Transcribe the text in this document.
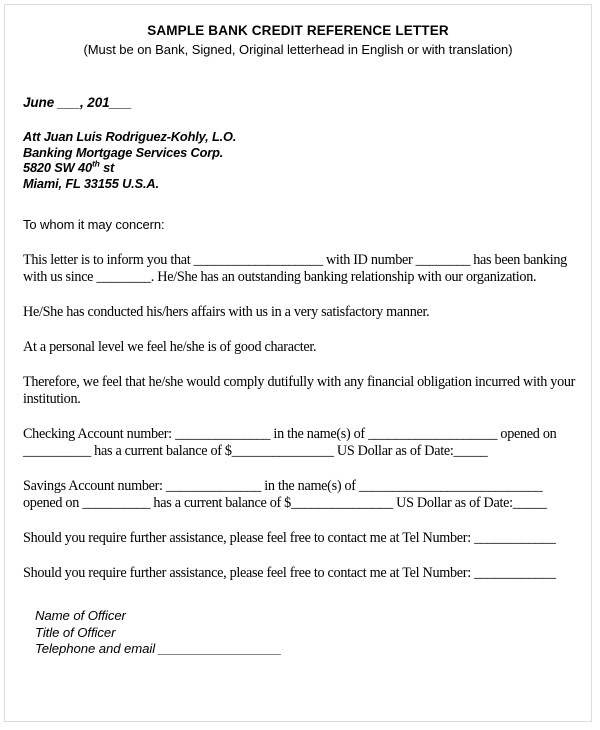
SAMPLE BANK CREDIT REFERENCE LETTER
(Must be on Bank, Signed, Original letterhead in English or with translation)
June ___, 201___
Att Juan Luis Rodriguez-Kohly, L.O.
Banking Mortgage Services Corp.
5820 SW 40th st
Miami, FL 33155 U.S.A.
To whom it may concern:
This letter is to inform you that ___________________ with ID number ________ has been banking with us since ________. He/She has an outstanding banking relationship with our organization.
He/She has conducted his/hers affairs with us in a very satisfactory manner.
At a personal level we feel he/she is of good character.
Therefore, we feel that he/she would comply dutifully with any financial obligation incurred with your institution.
Checking Account number: ______________ in the name(s) of ___________________ opened on __________ has a current balance of $_______________ US Dollar as of Date:_____
Savings Account number: ______________ in the name(s) of ___________________________ opened on __________ has a current balance of $_______________ US Dollar as of Date:_____
Should you require further assistance, please feel free to contact me at Tel Number: ____________
Should you require further assistance, please feel free to contact me at Tel Number: ____________
Name of Officer
Title of Officer
Telephone and email _________________
